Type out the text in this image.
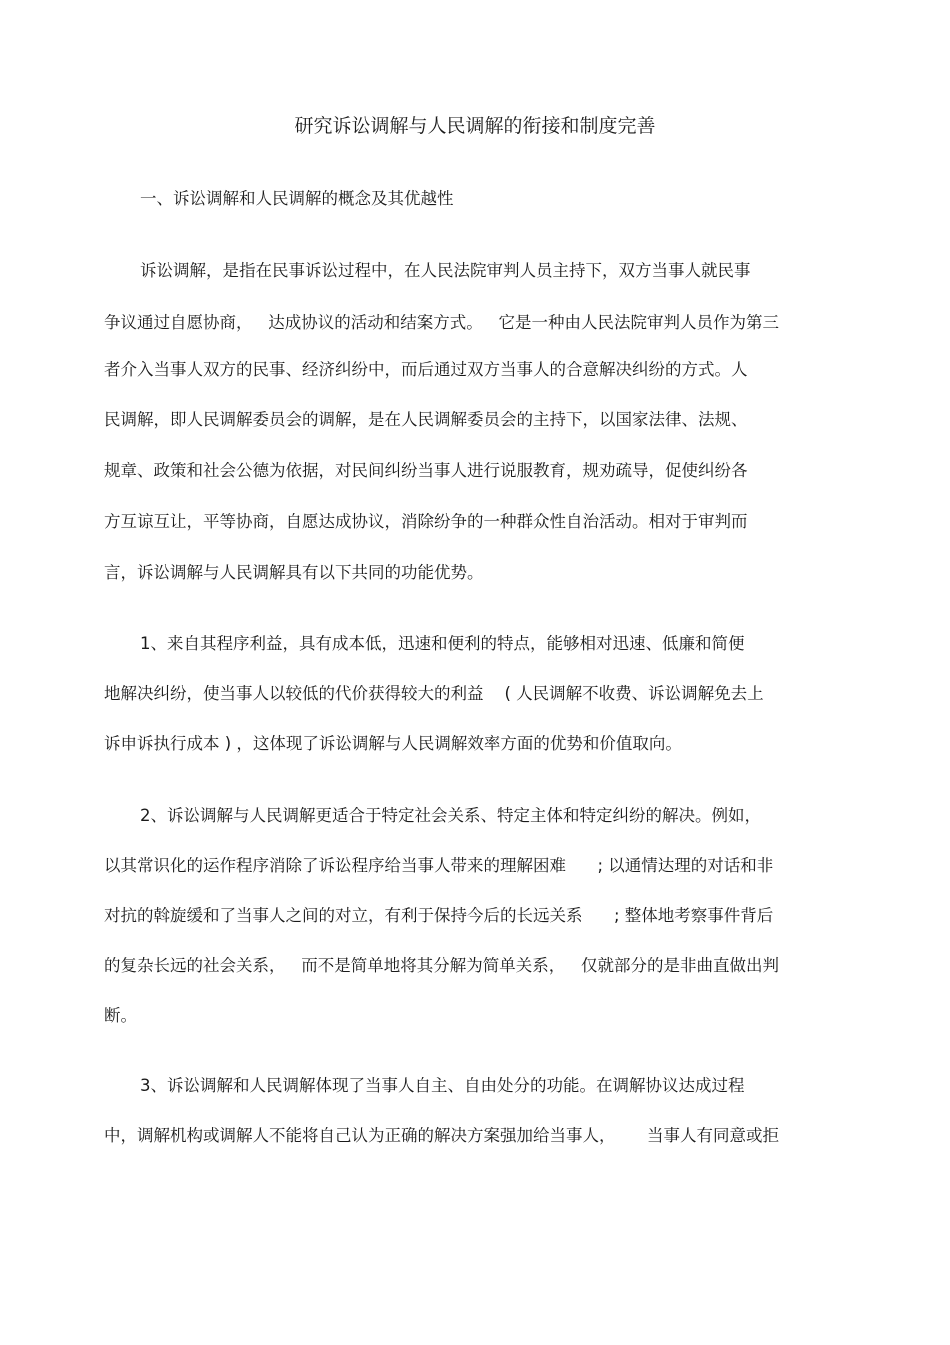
研究诉讼调解与人民调解的衔接和制度完善
一、诉讼调解和人民调解的概念及其优越性
诉讼调解，是指在民事诉讼过程中，在人民法院审判人员主持下，双方当事人就民事
争议通过自愿协商，   达成协议的活动和结案方式。   它是一种由人民法院审判人员作为第三
者介入当事人双方的民事、经济纠纷中，而后通过双方当事人的合意解决纠纷的方式。人
民调解，即人民调解委员会的调解，是在人民调解委员会的主持下，以国家法律、法规、
规章、政策和社会公德为依据，对民间纠纷当事人进行说服教育，规劝疏导，促使纠纷各
方互谅互让，平等协商，自愿达成协议，消除纷争的一种群众性自治活动。相对于审判而
言，诉讼调解与人民调解具有以下共同的功能优势。
1、来自其程序利益，具有成本低，迅速和便利的特点，能够相对迅速、低廉和简便
地解决纠纷，使当事人以较低的代价获得较大的利益    ( 人民调解不收费、诉讼调解免去上
诉申诉执行成本 ) ，这体现了诉讼调解与人民调解效率方面的优势和价值取向。
2、诉讼调解与人民调解更适合于特定社会关系、特定主体和特定纠纷的解决。例如，
以其常识化的运作程序消除了诉讼程序给当事人带来的理解困难      ; 以通情达理的对话和非
对抗的斡旋缓和了当事人之间的对立，有利于保持今后的长远关系      ; 整体地考察事件背后
的复杂长远的社会关系，   而不是简单地将其分解为简单关系，   仅就部分的是非曲直做出判
断。
3、诉讼调解和人民调解体现了当事人自主、自由处分的功能。在调解协议达成过程
中，调解机构或调解人不能将自己认为正确的解决方案强加给当事人，      当事人有同意或拒
